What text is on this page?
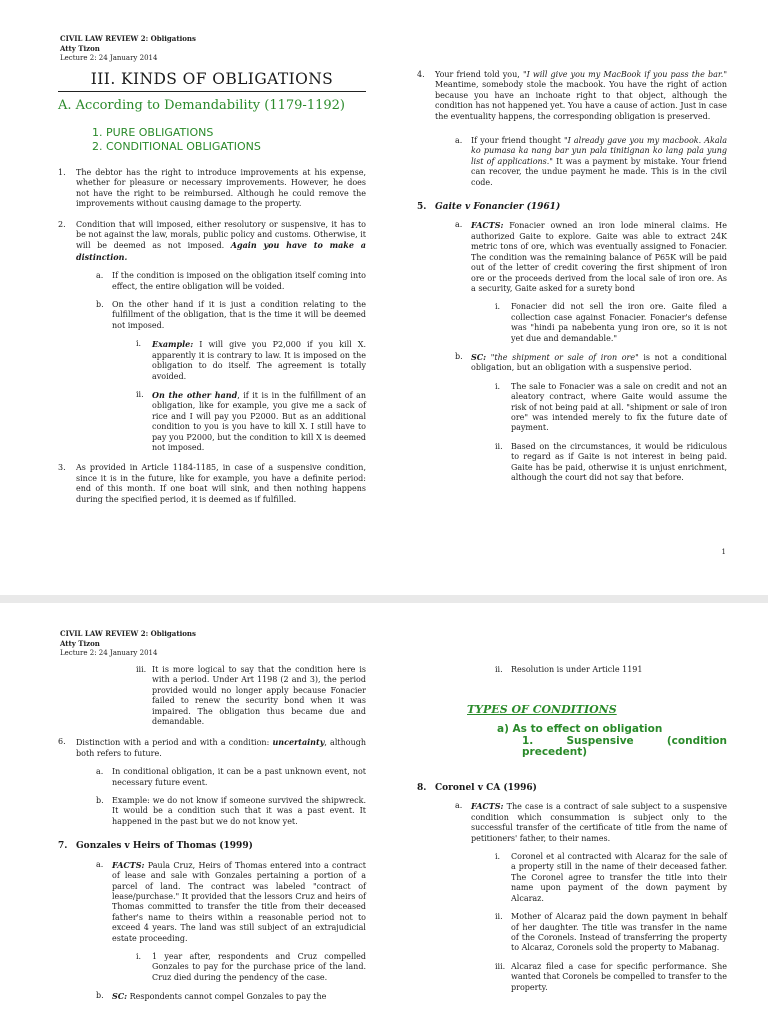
CIVIL LAW REVIEW 2: Obligations
Atty Tizon
Lecture 2: 24 January 2014
III. KINDS OF OBLIGATIONS
A. According to Demandability (1179-1192)
1. PURE OBLIGATIONS
2. CONDITIONAL OBLIGATIONS
1. The debtor has the right to introduce improvements at his expense, whether for pleasure or necessary improvements. However, he does not have the right to be reimbursed. Although he could remove the improvements without causing damage to the property.
2. Condition that will imposed, either resolutory or suspensive, it has to be not against the law, morals, public policy and customs. Otherwise, it will be deemed as not imposed. Again you have to make a distinction.
a. If the condition is imposed on the obligation itself coming into effect, the entire obligation will be voided.
b. On the other hand if it is just a condition relating to the fulfillment of the obligation, that is the time it will be deemed not imposed.
i. Example: I will give you P2,000 if you kill X. apparently it is contrary to law. It is imposed on the obligation to do itself. The agreement is totally avoided.
ii. On the other hand, if it is in the fulfillment of an obligation, like for example, you give me a sack of rice and I will pay you P2000. But as an additional condition to you is you have to kill X. I still have to pay you P2000, but the condition to kill X is deemed not imposed.
3. As provided in Article 1184-1185, in case of a suspensive condition, since it is in the future, like for example, you have a definite period: end of this month. If one boat will sink, and then nothing happens during the specified period, it is deemed as if fulfilled.
4. Your friend told you, "I will give you my MacBook if you pass the bar." Meantime, somebody stole the macbook. You have the right of action because you have an inchoate right to that object, although the condition has not happened yet. You have a cause of action. Just in case the eventuality happens, the corresponding obligation is preserved.
a. If your friend thought "I already gave you my macbook. Akala ko pumasa ka nang bar yun pala tinitignan ko lang pala yung list of applications." It was a payment by mistake. Your friend can recover, the undue payment he made. This is in the civil code.
5. Gaite v Fonancier (1961)
a. FACTS: Fonacier owned an iron lode mineral claims. He authorized Gaite to explore. Gaite was able to extract 24K metric tons of ore, which was eventually assigned to Fonacier. The condition was the remaining balance of P65K will be paid out of the letter of credit covering the first shipment of iron ore or the proceeds derived from the local sale of iron ore. As a security, Gaite asked for a surety bond
i. Fonacier did not sell the iron ore. Gaite filed a collection case against Fonacier. Fonacier's defense was "hindi pa nabebenta yung iron ore, so it is not yet due and demandable."
b. SC: "the shipment or sale of iron ore" is not a conditional obligation, but an obligation with a suspensive period.
i. The sale to Fonacier was a sale on credit and not an aleatory contract, where Gaite would assume the risk of not being paid at all. "shipment or sale of iron ore" was intended merely to fix the future date of payment.
ii. Based on the circumstances, it would be ridiculous to regard as if Gaite is not interest in being paid. Gaite has be paid, otherwise it is unjust enrichment, although the court did not say that before.
1
CIVIL LAW REVIEW 2: Obligations
Atty Tizon
Lecture 2: 24 January 2014
iii. It is more logical to say that the condition here is with a period. Under Art 1198 (2 and 3), the period provided would no longer apply because Fonacier failed to renew the security bond when it was impaired. The obligation thus became due and demandable.
6. Distinction with a period and with a condition: uncertainty, although both refers to future.
a. In conditional obligation, it can be a past unknown event, not necessary future event.
b. Example: we do not know if someone survived the shipwreck. It would be a condition such that it was a past event. It happened in the past but we do not know yet.
7. Gonzales v Heirs of Thomas (1999)
a. FACTS: Paula Cruz, Heirs of Thomas entered into a contract of lease and sale with Gonzales pertaining a portion of a parcel of land. The contract was labeled "contract of lease/purchase." It provided that the lessors Cruz and heirs of Thomas committed to transfer the title from their deceased father's name to theirs within a reasonable period not to exceed 4 years. The land was still subject of an extrajudicial estate proceeding.
i. 1 year after, respondents and Cruz compelled Gonzales to pay for the purchase price of the land. Cruz died during the pendency of the case.
b. SC: Respondents cannot compel Gonzales to pay the
ii. Resolution is under Article 1191
TYPES OF CONDITIONS
a) As to effect on obligation
1. Suspensive (condition precedent)
8. Coronel v CA (1996)
a. FACTS: The case is a contract of sale subject to a suspensive condition which consummation is subject only to the successful transfer of the certificate of title from the name of petitioners' father, to their names.
i. Coronel et al contracted with Alcaraz for the sale of a property still in the name of their deceased father. The Coronel agree to transfer the title into their name upon payment of the down payment by Alcaraz.
ii. Mother of Alcaraz paid the down payment in behalf of her daughter. The title was transfer in the name of the Coronels. Instead of transferring the property to Alcaraz, Coronels sold the property to Mabanag.
iii. Alcaraz filed a case for specific performance. She wanted that Coronels be compelled to transfer to the property.
